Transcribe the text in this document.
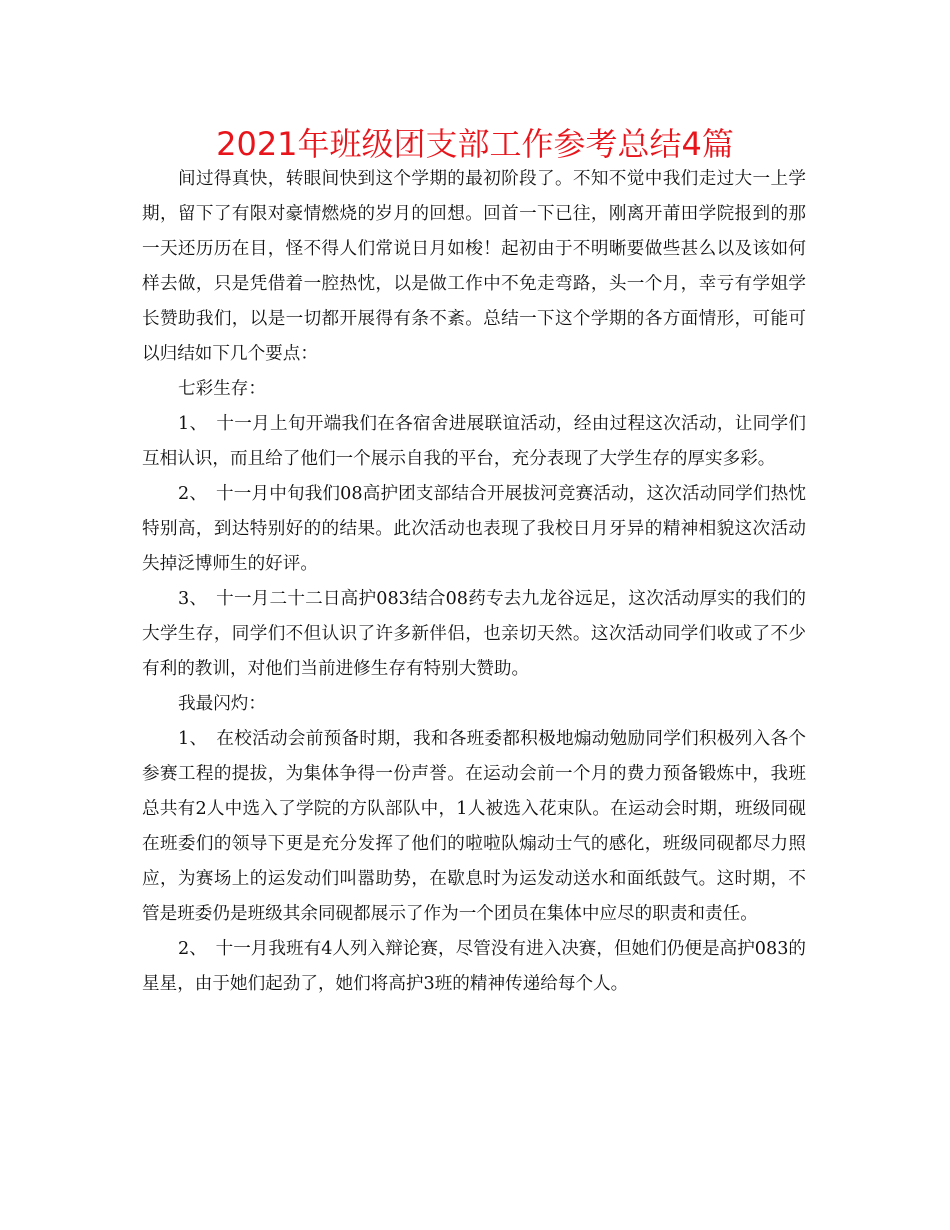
2021年班级团支部工作参考总结4篇

间过得真快，转眼间快到这个学期的最初阶段了。不知不觉中我们走过大一上学期，留下了有限对豪情燃烧的岁月的回想。回首一下已往，刚离开莆田学院报到的那一天还历历在目，怪不得人们常说日月如梭！起初由于不明晰要做些甚么以及该如何样去做，只是凭借着一腔热忱，以是做工作中不免走弯路，头一个月，幸亏有学姐学长赞助我们，以是一切都开展得有条不紊。总结一下这个学期的各方面情形，可能可以归结如下几个要点：

七彩生存：

1、　十一月上旬开端我们在各宿舍进展联谊活动，经由过程这次活动，让同学们互相认识，而且给了他们一个展示自我的平台，充分表现了大学生存的厚实多彩。

2、　十一月中旬我们08高护团支部结合开展拔河竞赛活动，这次活动同学们热忱特别高，到达特别好的的结果。此次活动也表现了我校日月牙异的精神相貌这次活动失掉泛博师生的好评。

3、　十一月二十二日高护083结合08药专去九龙谷远足，这次活动厚实的我们的大学生存，同学们不但认识了许多新伴侣，也亲切天然。这次活动同学们收或了不少有利的教训，对他们当前进修生存有特别大赞助。

我最闪灼：

1、　在校活动会前预备时期，我和各班委都积极地煽动勉励同学们积极列入各个参赛工程的提拔，为集体争得一份声誉。在运动会前一个月的费力预备锻炼中，我班总共有2人中选入了学院的方队部队中，1人被选入花束队。在运动会时期，班级同砚在班委们的领导下更是充分发挥了他们的啦啦队煽动士气的感化，班级同砚都尽力照应，为赛场上的运发动们叫嚣助势，在歇息时为运发动送水和面纸鼓气。这时期，不管是班委仍是班级其余同砚都展示了作为一个团员在集体中应尽的职责和责任。

2、　十一月我班有4人列入辩论赛，尽管没有进入决赛，但她们仍便是高护083的星星，由于她们起劲了，她们将高护3班的精神传递给每个人。
